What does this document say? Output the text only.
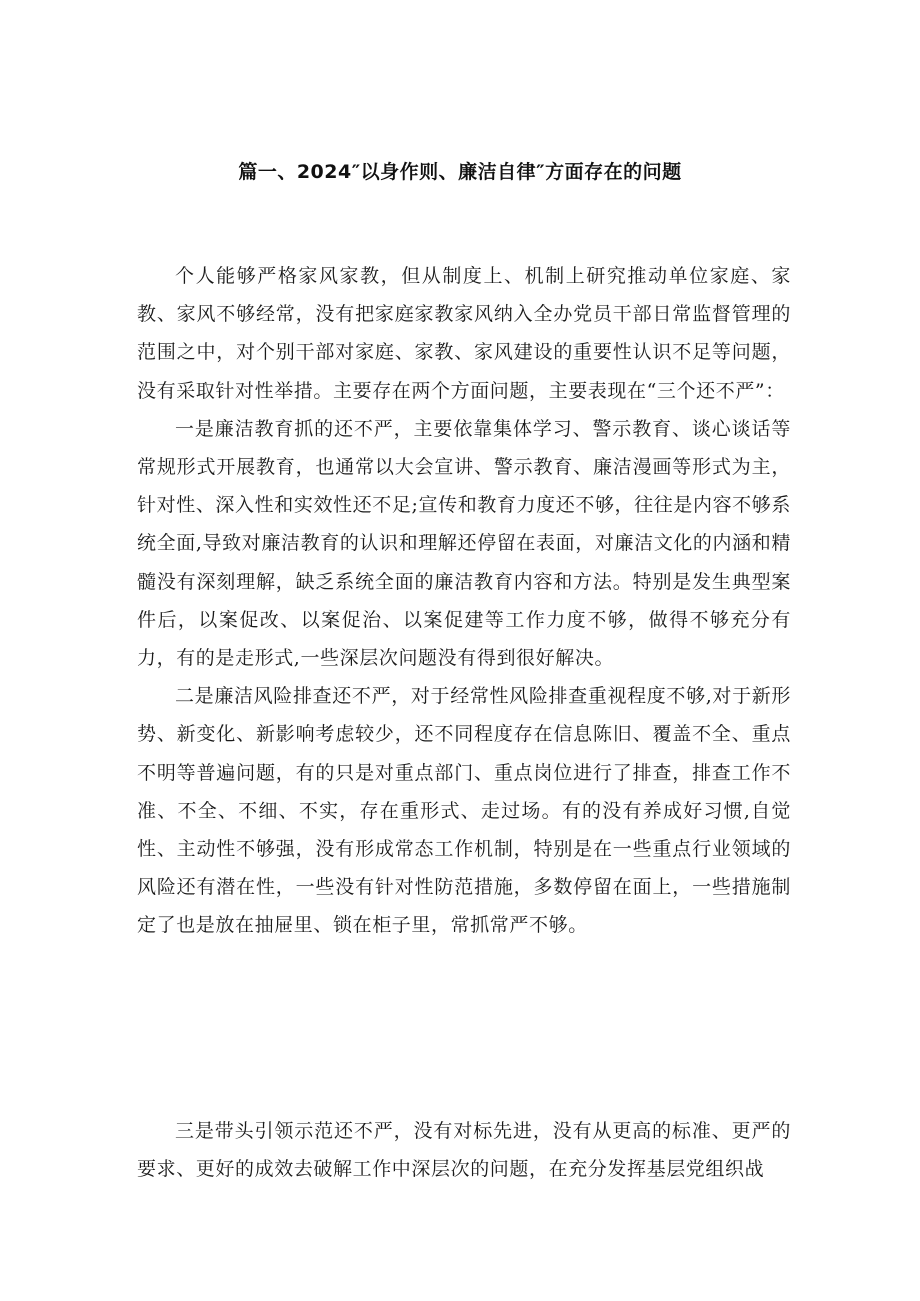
篇一、2024″以身作则、廉洁自律″方面存在的问题

个人能够严格家风家教，但从制度上、机制上研究推动单位家庭、家教、家风不够经常，没有把家庭家教家风纳入全办党员干部日常监督管理的范围之中，对个别干部对家庭、家教、家风建设的重要性认识不足等问题，没有采取针对性举措。主要存在两个方面问题，主要表现在“三个还不严”：

一是廉洁教育抓的还不严，主要依靠集体学习、警示教育、谈心谈话等常规形式开展教育，也通常以大会宣讲、警示教育、廉洁漫画等形式为主，针对性、深入性和实效性还不足;宣传和教育力度还不够，往往是内容不够系统全面,导致对廉洁教育的认识和理解还停留在表面，对廉洁文化的内涵和精髓没有深刻理解，缺乏系统全面的廉洁教育内容和方法。特别是发生典型案件后，以案促改、以案促治、以案促建等工作力度不够，做得不够充分有力，有的是走形式,一些深层次问题没有得到很好解决。

二是廉洁风险排查还不严，对于经常性风险排查重视程度不够,对于新形势、新变化、新影响考虑较少，还不同程度存在信息陈旧、覆盖不全、重点不明等普遍问题，有的只是对重点部门、重点岗位进行了排查，排查工作不准、不全、不细、不实，存在重形式、走过场。有的没有养成好习惯,自觉性、主动性不够强，没有形成常态工作机制，特别是在一些重点行业领域的风险还有潜在性，一些没有针对性防范措施，多数停留在面上，一些措施制定了也是放在抽屉里、锁在柜子里，常抓常严不够。

三是带头引领示范还不严，没有对标先进，没有从更高的标准、更严的要求、更好的成效去破解工作中深层次的问题，在充分发挥基层党组织战
